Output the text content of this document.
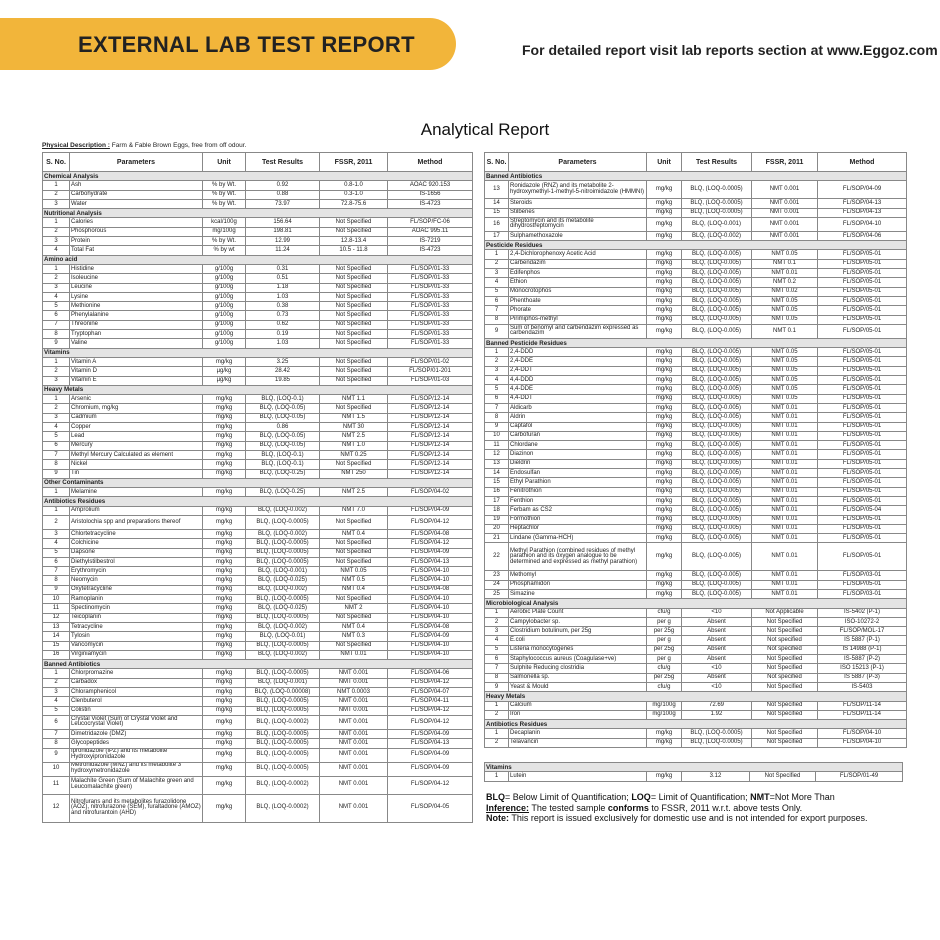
EXTERNAL LAB TEST REPORT	For detailed report visit lab reports section at www.Eggoz.com
Analytical Report
Physical Description : Farm & Fable Brown Eggs, free from off odour.
S. No.	Parameters	Unit	Test Results	FSSR, 2011	Method
Chemical Analysis					
1	Ash	% by Wt.	0.92	0.8-1.0	AOAC 920.153
2	Carbohydrate	% by Wt.	0.88	0.3-1.0	IS-1656
3	Water	% by Wt.	73.97	72.8-75.6	IS-4723
Nutritional Analysis					
1	Calories	kcal/100g	156.64	Not Specified	FL/SOP/FC-06
2	Phosphorous	mg/100g	198.81	Not Specified	AOAC 995.11
3	Protein	% by Wt.	12.99	12.8-13.4	IS-7219
4	Total Fat	% by wt	11.24	10.5 - 11.8	IS-4723
Amino acid					
1	Histidine	g/100g	0.31	Not Specified	FL/SOP/01-33
2	Isoleucine	g/100g	0.51	Not Specified	FL/SOP/01-33
3	Leucine	g/100g	1.18	Not Specified	FL/SOP/01-33
4	Lysine	g/100g	1.03	Not Specified	FL/SOP/01-33
5	Methionine	g/100g	0.38	Not Specified	FL/SOP/01-33
6	Phenylalanine	g/100g	0.73	Not Specified	FL/SOP/01-33
7	Threonine	g/100g	0.62	Not Specified	FL/SOP/01-33
8	Tryptophan	g/100g	0.19	Not Specified	FL/SOP/01-33
9	Valine	g/100g	1.03	Not Specified	FL/SOP/01-33
Vitamins					
1	Vitamin A	mg/kg	3.25	Not Specified	FL/SOP/01-02
2	Vitamin D	µg/kg	28.42	Not Specified	FL/SOP/01-201
3	Vitamin E	µg/kg	19.85	Not Specified	FL/SOP/01-03
Heavy Metals					
1	Arsenic	mg/kg	BLQ, (LOQ-0.1)	NMT 1.1	FL/SOP/12-14
2	Chromium, mg/kg	mg/kg	BLQ, (LOQ-0.05)	Not Specified	FL/SOP/12-14
3	Cadmium	mg/kg	BLQ, (LOQ-0.05)	NMT 1.5	FL/SOP/12-14
4	Copper	mg/kg	0.86	NMT 30	FL/SOP/12-14
5	Lead	mg/kg	BLQ, (LOQ-0.05)	NMT 2.5	FL/SOP/12-14
6	Mercury	mg/kg	BLQ, (LOQ-0.05)	NMT 1.0	FL/SOP/12-14
7	Methyl Mercury Calculated as element	mg/kg	BLQ, (LOQ-0.1)	NMT 0.25	FL/SOP/12-14
8	Nickel	mg/kg	BLQ, (LOQ-0.1)	Not Specified	FL/SOP/12-14
9	Tin	mg/kg	BLQ, (LOQ-0.25)	NMT 250	FL/SOP/12-14
Other Contaminants					
1	Melamine	mg/kg	BLQ, (LOQ-0.25)	NMT 2.5	FL/SOP/04-02
Antibiotics Residues					
1	Amprolium	mg/kg	BLQ, (LOQ-0.002)	NMT 7.0	FL/SOP/04-09
2	Aristolochia spp and preparations thereof	mg/kg	BLQ, (LOQ-0.0005)	Not Specified	FL/SOP/04-12
3	Chlortetracycline	mg/kg	BLQ, (LOQ-0.002)	NMT 0.4	FL/SOP/04-08
4	Colchicine	mg/kg	BLQ, (LOQ-0.0005)	Not Specified	FL/SOP/04-12
5	Dapsone	mg/kg	BLQ, (LOQ-0.0005)	Not Specified	FL/SOP/04-09
6	Diethylstilbestrol	mg/kg	BLQ, (LOQ-0.0005)	Not Specified	FL/SOP/04-13
7	Erythromycin	mg/kg	BLQ, (LOQ-0.001)	NMT 0.05	FL/SOP/04-10
8	Neomycin	mg/kg	BLQ, (LOQ-0.025)	NMT 0.5	FL/SOP/04-10
9	Oxytetracycline	mg/kg	BLQ, (LOQ-0.002)	NMT 0.4	FL/SOP/04-08
10	Ramoplanin	mg/kg	BLQ, (LOQ-0.0005)	Not Specified	FL/SOP/04-10
11	Spectinomycin	mg/kg	BLQ, (LOQ-0.025)	NMT 2	FL/SOP/04-10
12	Teicoplanin	mg/kg	BLQ, (LOQ-0.0005)	Not Specified	FL/SOP/04-10
13	Tetracycline	mg/kg	BLQ, (LOQ-0.002)	NMT 0.4	FL/SOP/04-08
14	Tylosin	mg/kg	BLQ, (LOQ-0.01)	NMT 0.3	FL/SOP/04-09
15	Vancomycin	mg/kg	BLQ, (LOQ-0.0005)	Not Specified	FL/SOP/04-10
16	Virginiamycin	mg/kg	BLQ, (LOQ-0.002)	NMT 0.01	FL/SOP/04-10
Banned Antibiotics					
1	Chlorpromazine	mg/kg	BLQ, (LOQ-0.0005)	NMT 0.001	FL/SOP/04-06
2	Carbadox	mg/kg	BLQ, (LOQ-0.001)	NMT 0.001	FL/SOP/04-12
3	Chloramphenicol	mg/kg	BLQ, (LOQ-0.00008)	NMT 0.0003	FL/SOP/04-07
4	Clenbuterol	mg/kg	BLQ, (LOQ-0.0005)	NMT 0.001	FL/SOP/04-11
5	Colistin	mg/kg	BLQ, (LOQ-0.0005)	NMT 0.001	FL/SOP/04-12
6	Crystal Violet (Sum of Crystal Violet and Leucocrystal Violet)	mg/kg	BLQ, (LOQ-0.0002)	NMT 0.001	FL/SOP/04-12
7	Dimetridazole (DMZ)	mg/kg	BLQ, (LOQ-0.0005)	NMT 0.001	FL/SOP/04-09
8	Glycopeptides	mg/kg	BLQ, (LOQ-0.0005)	NMT 0.001	FL/SOP/04-13
9	Ipronidazole (IPZ) and its metabolite Hydroxyipronidazole	mg/kg	BLQ, (LOQ-0.0005)	NMT 0.001	FL/SOP/04-09
10	Metronidazole (MNZ) and its metabolite 3 hydroxymetronidazole	mg/kg	BLQ, (LOQ-0.0005)	NMT 0.001	FL/SOP/04-09
11	Malachite Green (Sum of Malachite green and Leucomalachite green)	mg/kg	BLQ, (LOQ-0.0002)	NMT 0.001	FL/SOP/04-12
12	Nitrofurans and its metabolites furazolidone (AOZ), nitrofurazone (SEM), furaltadone (AMOZ) and nitrofurantoin (AHD)	mg/kg	BLQ, (LOQ-0.0002)	NMT 0.001	FL/SOP/04-05
S. No.	Parameters	Unit	Test Results	FSSR, 2011	Method
Banned Antibiotics					
13	Ronidazole (RNZ) and its metabolite 2-hydroxymethyl-1-methyl-5-nitroimidazole (HMMNI)	mg/kg	BLQ, (LOQ-0.0005)	NMT 0.001	FL/SOP/04-09
14	Steroids	mg/kg	BLQ, (LOQ-0.0005)	NMT 0.001	FL/SOP/04-13
15	Stilbenes	mg/kg	BLQ, (LOQ-0.0005)	NMT 0.001	FL/SOP/04-13
16	Streptomycin and its metabolite dihydrostreptomycin	mg/kg	BLQ, (LOQ-0.001)	NMT 0.001	FL/SOP/04-10
17	Sulphamethoxazole	mg/kg	BLQ, (LOQ-0.002)	NMT 0.001	FL/SOP/04-06
Pesticide Residues					
1	2,4-Dichlorophenoxy Acetic Acid	mg/kg	BLQ, (LOQ-0.005)	NMT 0.05	FL/SOP/05-01
2	Carbendazim	mg/kg	BLQ, (LOQ-0.005)	NMT 0.1	FL/SOP/05-01
3	Edifenphos	mg/kg	BLQ, (LOQ-0.005)	NMT 0.01	FL/SOP/05-01
4	Ethion	mg/kg	BLQ, (LOQ-0.005)	NMT 0.2	FL/SOP/05-01
5	Monocrotophos	mg/kg	BLQ, (LOQ-0.005)	NMT 0.02	FL/SOP/05-01
6	Phenthoate	mg/kg	BLQ, (LOQ-0.005)	NMT 0.05	FL/SOP/05-01
7	Phorate	mg/kg	BLQ, (LOQ-0.005)	NMT 0.05	FL/SOP/05-01
8	Pirimiphos-methyl	mg/kg	BLQ, (LOQ-0.005)	NMT 0.05	FL/SOP/05-01
9	Sum of benomyl and carbendazim expressed as carbendazim	mg/kg	BLQ, (LOQ-0.005)	NMT 0.1	FL/SOP/05-01
Banned Pesticide Residues					
1	2,4-DDD	mg/kg	BLQ, (LOQ-0.005)	NMT 0.05	FL/SOP/05-01
2	2,4-DDE	mg/kg	BLQ, (LOQ-0.005)	NMT 0.05	FL/SOP/05-01
3	2,4-DDT	mg/kg	BLQ, (LOQ-0.005)	NMT 0.05	FL/SOP/05-01
4	4,4-DDD	mg/kg	BLQ, (LOQ-0.005)	NMT 0.05	FL/SOP/05-01
5	4,4-DDE	mg/kg	BLQ, (LOQ-0.005)	NMT 0.05	FL/SOP/05-01
6	4,4-DDT	mg/kg	BLQ, (LOQ-0.005)	NMT 0.05	FL/SOP/05-01
7	Aldicarb	mg/kg	BLQ, (LOQ-0.005)	NMT 0.01	FL/SOP/05-01
8	Aldrin	mg/kg	BLQ, (LOQ-0.005)	NMT 0.01	FL/SOP/05-01
9	Captafol	mg/kg	BLQ, (LOQ-0.005)	NMT 0.01	FL/SOP/05-01
10	Carbofuran	mg/kg	BLQ, (LOQ-0.005)	NMT 0.01	FL/SOP/05-01
11	Chlordane	mg/kg	BLQ, (LOQ-0.005)	NMT 0.01	FL/SOP/05-01
12	Diazinon	mg/kg	BLQ, (LOQ-0.005)	NMT 0.01	FL/SOP/05-01
13	Dieldrin	mg/kg	BLQ, (LOQ-0.005)	NMT 0.01	FL/SOP/05-01
14	Endosulfan	mg/kg	BLQ, (LOQ-0.005)	NMT 0.01	FL/SOP/05-01
15	Ethyl Parathion	mg/kg	BLQ, (LOQ-0.005)	NMT 0.01	FL/SOP/05-01
16	Fenitrothion	mg/kg	BLQ, (LOQ-0.005)	NMT 0.01	FL/SOP/05-01
17	Fenthion	mg/kg	BLQ, (LOQ-0.005)	NMT 0.01	FL/SOP/05-01
18	Ferbam as CS2	mg/kg	BLQ, (LOQ-0.005)	NMT 0.01	FL/SOP/05-04
19	Formothion	mg/kg	BLQ, (LOQ-0.005)	NMT 0.01	FL/SOP/05-01
20	Heptachlor	mg/kg	BLQ, (LOQ-0.005)	NMT 0.01	FL/SOP/05-01
21	Lindane (Gamma-HCH)	mg/kg	BLQ, (LOQ-0.005)	NMT 0.01	FL/SOP/05-01
22	Methyl Parathion (combined residues of methyl parathion and its oxygen analogue to be determined and expressed as methyl parathion)	mg/kg	BLQ, (LOQ-0.005)	NMT 0.01	FL/SOP/05-01
23	Methomyl	mg/kg	BLQ, (LOQ-0.005)	NMT 0.01	FL/SOP/03-01
24	Phosphamidon	mg/kg	BLQ, (LOQ-0.005)	NMT 0.01	FL/SOP/05-01
25	Simazine	mg/kg	BLQ, (LOQ-0.005)	NMT 0.01	FL/SOP/03-01
Microbiological Analysis					
1	Aerobic Plate Count	cfu/g	<10	Not Applicable	IS-5402 (P-1)
2	Campylobacter sp.	per g	Absent	Not Specified	ISO-10272-2
3	Clostridium botulinum, per 25g	per 25g	Absent	Not Specified	FL/SOP/MOL-17
4	E.coli	per g	Absent	Not specified	IS 5887 (P-1)
5	Listeria monocytogenes	per 25g	Absent	Not specified	IS 14988 (P-1)
6	Staphylococcus aureus (Coagulase+ve)	per g	Absent	Not Specified	IS-5887 (P-2)
7	Sulphite Reducing clostridia	cfu/g	<10	Not Specified	ISO 15213 (P-1)
8	Salmonella sp.	per 25g	Absent	Not specified	IS 5887 (P-3)
9	Yeast & Mould	cfu/g	<10	Not Specified	IS-5403
Heavy Metals					
1	Calcium	mg/100g	72.69	Not Specified	FL/SOP/11-14
2	Iron	mg/100g	1.92	Not Specified	FL/SOP/11-14
Antibiotics Residues					
1	Decaplanin	mg/kg	BLQ, (LOQ-0.0005)	Not Specified	FL/SOP/04-10
2	Telavancin	mg/kg	BLQ, (LOQ-0.0005)	Not Specified	FL/SOP/04-10
Vitamins
1	Lutein	mg/kg	3.12	Not Specified	FL/SOP/01-49
BLQ= Below Limit of Quantification; LOQ= Limit of Quantification; NMT=Not More Than
Inference: The tested sample conforms to FSSR, 2011 w.r.t. above tests Only.
Note: This report is issued exclusively for domestic use and is not intended for export purposes.
